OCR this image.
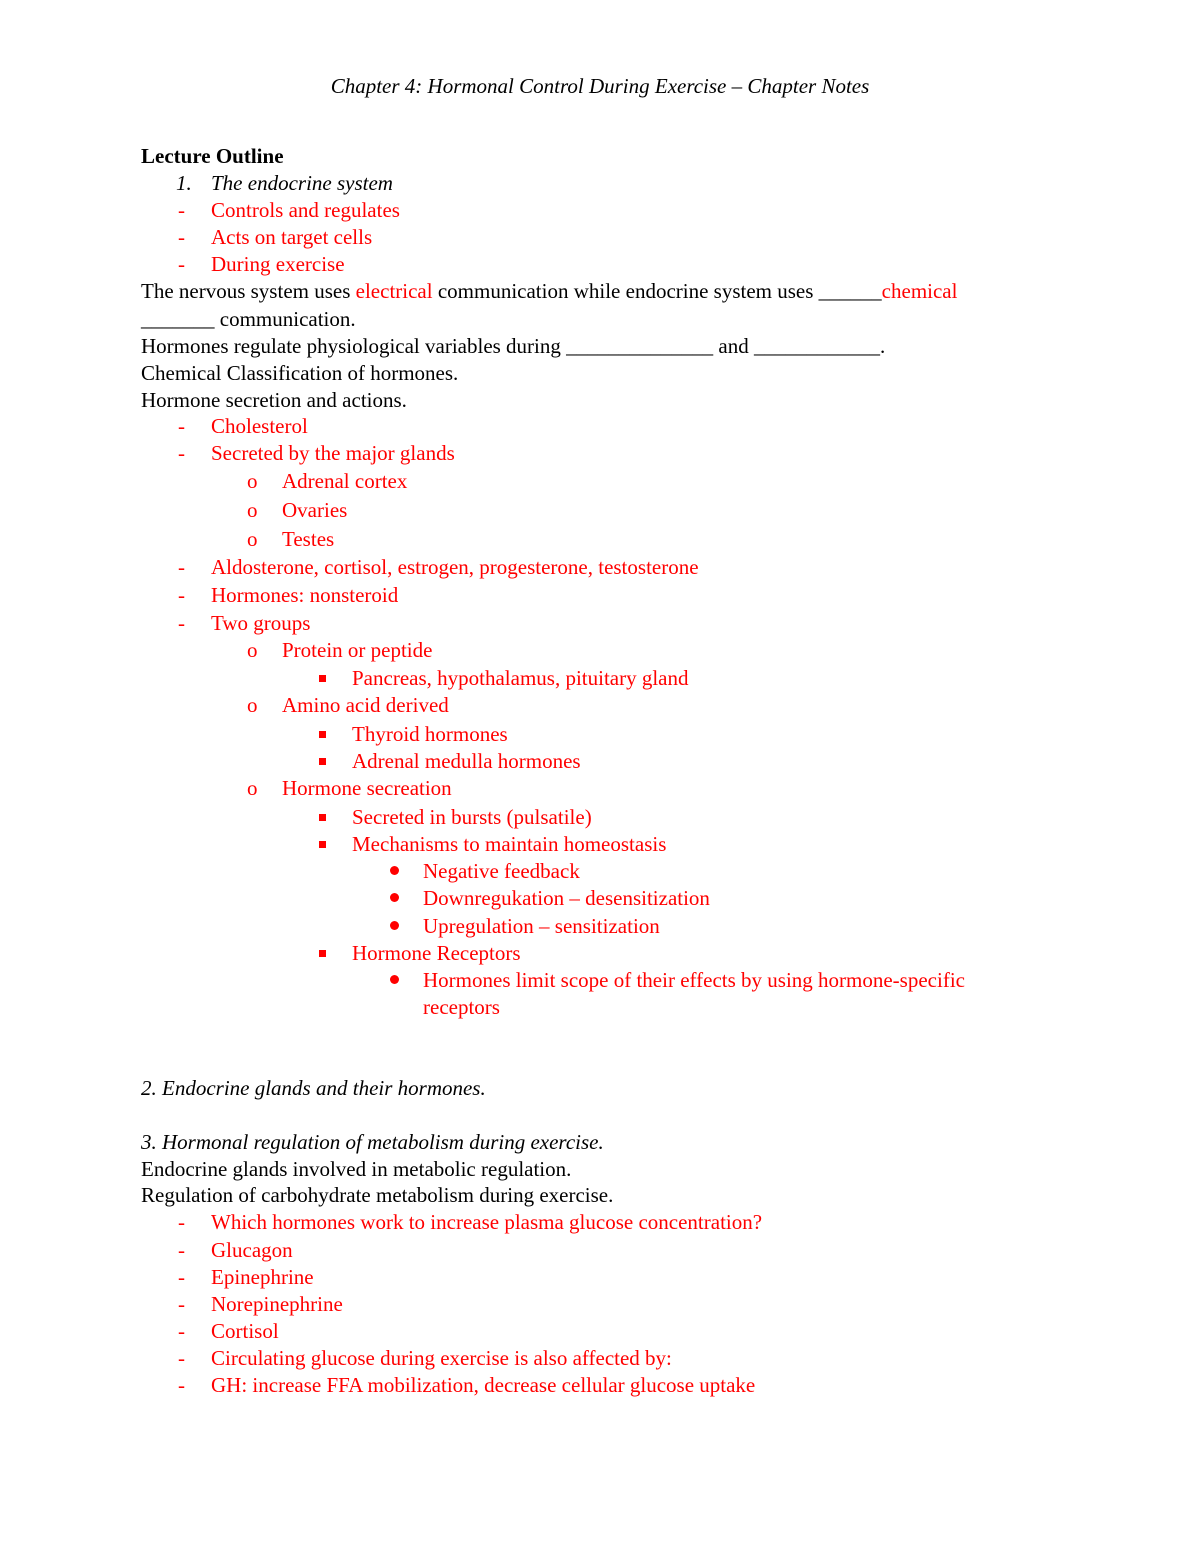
Chapter 4: Hormonal Control During Exercise – Chapter Notes
Lecture Outline
1. The endocrine system
- Controls and regulates
- Acts on target cells
- During exercise
The nervous system uses electrical communication while endocrine system uses ______chemical
_______ communication.
Hormones regulate physiological variables during ______________ and ____________.
Chemical Classification of hormones.
Hormone secretion and actions.
- Cholesterol
- Secreted by the major glands
o Adrenal cortex
o Ovaries
o Testes
- Aldosterone, cortisol, estrogen, progesterone, testosterone
- Hormones: nonsteroid
- Two groups
o Protein or peptide
Pancreas, hypothalamus, pituitary gland
o Amino acid derived
Thyroid hormones
Adrenal medulla hormones
o Hormone secreation
Secreted in bursts (pulsatile)
Mechanisms to maintain homeostasis
Negative feedback
Downregukation – desensitization
Upregulation – sensitization
Hormone Receptors
Hormones limit scope of their effects by using hormone-specific
receptors
2. Endocrine glands and their hormones.
3. Hormonal regulation of metabolism during exercise.
Endocrine glands involved in metabolic regulation.
Regulation of carbohydrate metabolism during exercise.
- Which hormones work to increase plasma glucose concentration?
- Glucagon
- Epinephrine
- Norepinephrine
- Cortisol
- Circulating glucose during exercise is also affected by:
- GH: increase FFA mobilization, decrease cellular glucose uptake
